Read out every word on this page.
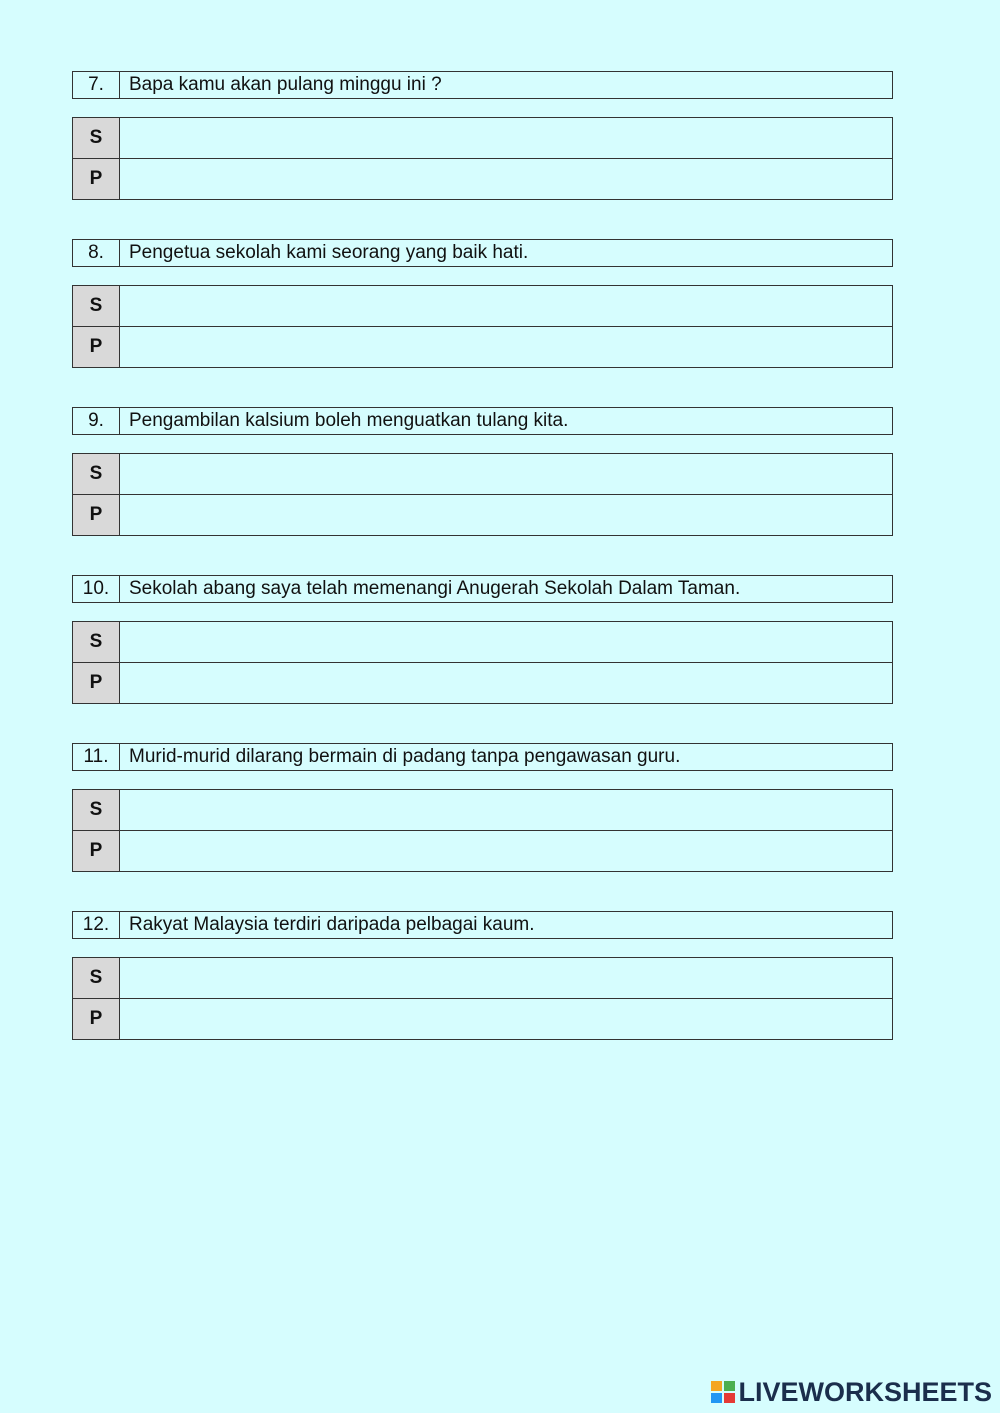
7.	Bapa kamu akan pulang minggu ini ?
S
P
8.	Pengetua sekolah kami seorang yang baik hati.
S
P
9.	Pengambilan kalsium boleh menguatkan tulang kita.
S
P
10.	Sekolah abang saya telah memenangi Anugerah Sekolah Dalam Taman.
S
P
11.	Murid-murid dilarang bermain di padang tanpa pengawasan guru.
S
P
12.	Rakyat Malaysia terdiri daripada pelbagai kaum.
S
P
LIVEWORKSHEETS
